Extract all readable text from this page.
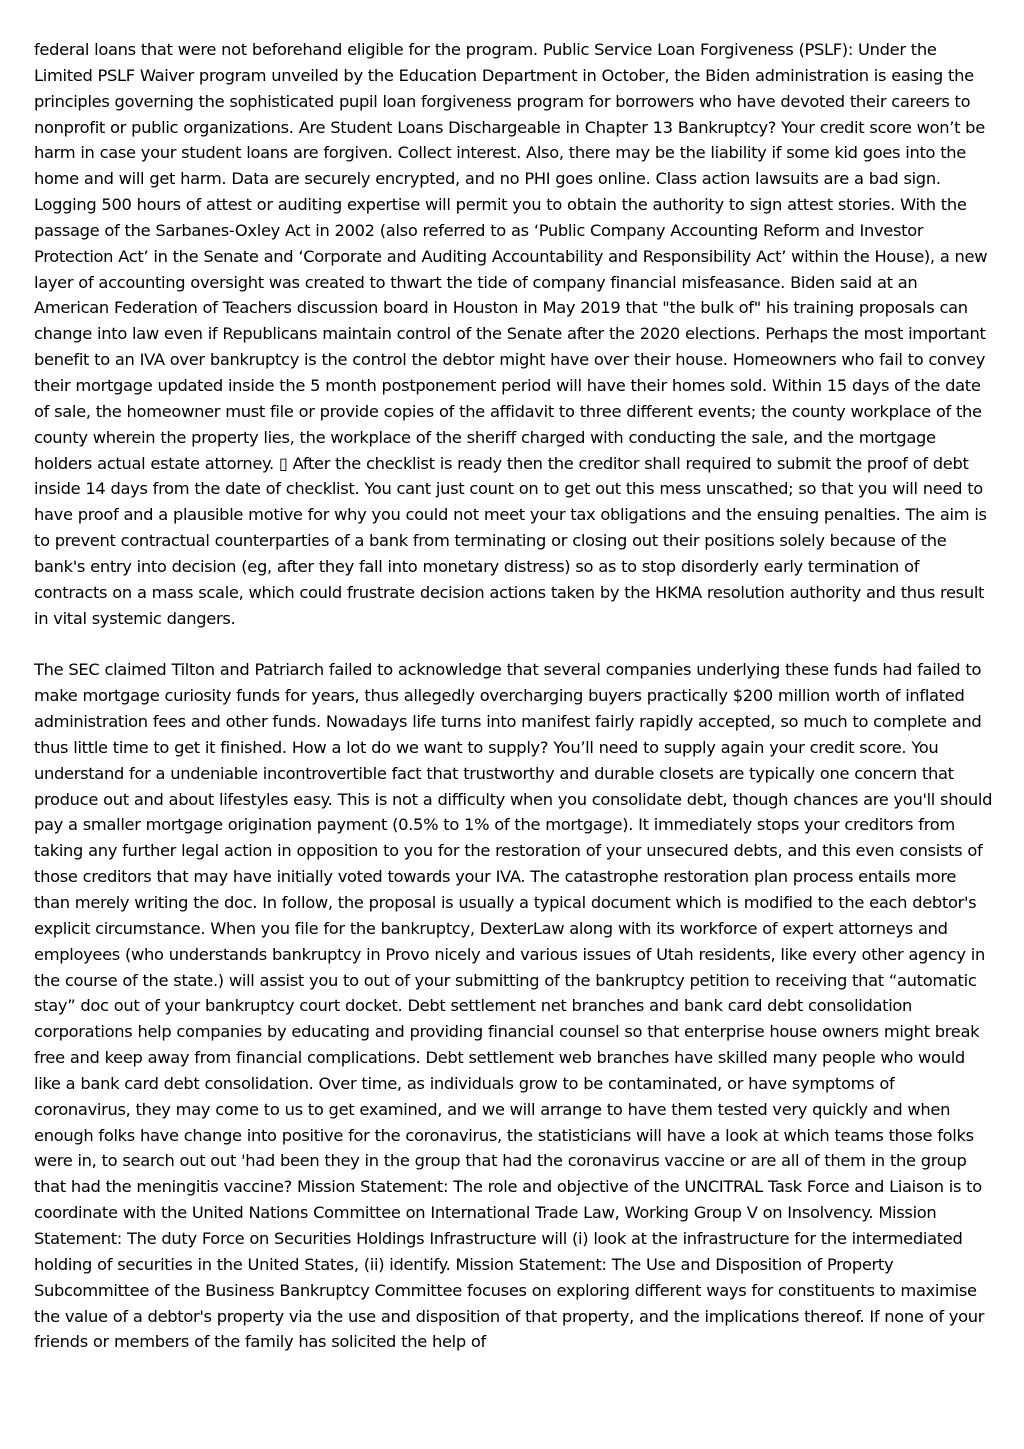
federal loans that were not beforehand eligible for the program. Public Service Loan Forgiveness (PSLF): Under the Limited PSLF Waiver program unveiled by the Education Department in October, the Biden administration is easing the principles governing the sophisticated pupil loan forgiveness program for borrowers who have devoted their careers to nonprofit or public organizations. Are Student Loans Dischargeable in Chapter 13 Bankruptcy? Your credit score won’t be harm in case your student loans are forgiven. Collect interest. Also, there may be the liability if some kid goes into the home and will get harm. Data are securely encrypted, and no PHI goes online. Class action lawsuits are a bad sign. Logging 500 hours of attest or auditing expertise will permit you to obtain the authority to sign attest stories. With the passage of the Sarbanes-Oxley Act in 2002 (also referred to as ‘Public Company Accounting Reform and Investor Protection Act’ in the Senate and ‘Corporate and Auditing Accountability and Responsibility Act’ within the House), a new layer of accounting oversight was created to thwart the tide of company financial misfeasance. Biden said at an American Federation of Teachers discussion board in Houston in May 2019 that "the bulk of" his training proposals can change into law even if Republicans maintain control of the Senate after the 2020 elections. Perhaps the most important benefit to an IVA over bankruptcy is the control the debtor might have over their house. Homeowners who fail to convey their mortgage updated inside the 5 month postponement period will have their homes sold. Within 15 days of the date of sale, the homeowner must file or provide copies of the affidavit to three different events; the county workplace of the county wherein the property lies, the workplace of the sheriff charged with conducting the sale, and the mortgage holders actual estate attorney. ▯ After the checklist is ready then the creditor shall required to submit the proof of debt inside 14 days from the date of checklist. You cant just count on to get out this mess unscathed; so that you will need to have proof and a plausible motive for why you could not meet your tax obligations and the ensuing penalties. The aim is to prevent contractual counterparties of a bank from terminating or closing out their positions solely because of the bank's entry into decision (eg, after they fall into monetary distress) so as to stop disorderly early termination of contracts on a mass scale, which could frustrate decision actions taken by the HKMA resolution authority and thus result in vital systemic dangers.

The SEC claimed Tilton and Patriarch failed to acknowledge that several companies underlying these funds had failed to make mortgage curiosity funds for years, thus allegedly overcharging buyers practically $200 million worth of inflated administration fees and other funds. Nowadays life turns into manifest fairly rapidly accepted, so much to complete and thus little time to get it finished. How a lot do we want to supply? You’ll need to supply again your credit score. You understand for a undeniable incontrovertible fact that trustworthy and durable closets are typically one concern that produce out and about lifestyles easy. This is not a difficulty when you consolidate debt, though chances are you'll should pay a smaller mortgage origination payment (0.5% to 1% of the mortgage). It immediately stops your creditors from taking any further legal action in opposition to you for the restoration of your unsecured debts, and this even consists of those creditors that may have initially voted towards your IVA. The catastrophe restoration plan process entails more than merely writing the doc. In follow, the proposal is usually a typical document which is modified to the each debtor's explicit circumstance. When you file for the bankruptcy, DexterLaw along with its workforce of expert attorneys and employees (who understands bankruptcy in Provo nicely and various issues of Utah residents, like every other agency in the course of the state.) will assist you to out of your submitting of the bankruptcy petition to receiving that “automatic stay” doc out of your bankruptcy court docket. Debt settlement net branches and bank card debt consolidation corporations help companies by educating and providing financial counsel so that enterprise house owners might break free and keep away from financial complications. Debt settlement web branches have skilled many people who would like a bank card debt consolidation. Over time, as individuals grow to be contaminated, or have symptoms of coronavirus, they may come to us to get examined, and we will arrange to have them tested very quickly and when enough folks have change into positive for the coronavirus, the statisticians will have a look at which teams those folks were in, to search out out 'had been they in the group that had the coronavirus vaccine or are all of them in the group that had the meningitis vaccine? Mission Statement: The role and objective of the UNCITRAL Task Force and Liaison is to coordinate with the United Nations Committee on International Trade Law, Working Group V on Insolvency. Mission Statement: The duty Force on Securities Holdings Infrastructure will (i) look at the infrastructure for the intermediated holding of securities in the United States, (ii) identify. Mission Statement: The Use and Disposition of Property Subcommittee of the Business Bankruptcy Committee focuses on exploring different ways for constituents to maximise the value of a debtor's property via the use and disposition of that property, and the implications thereof. If none of your friends or members of the family has solicited the help of
